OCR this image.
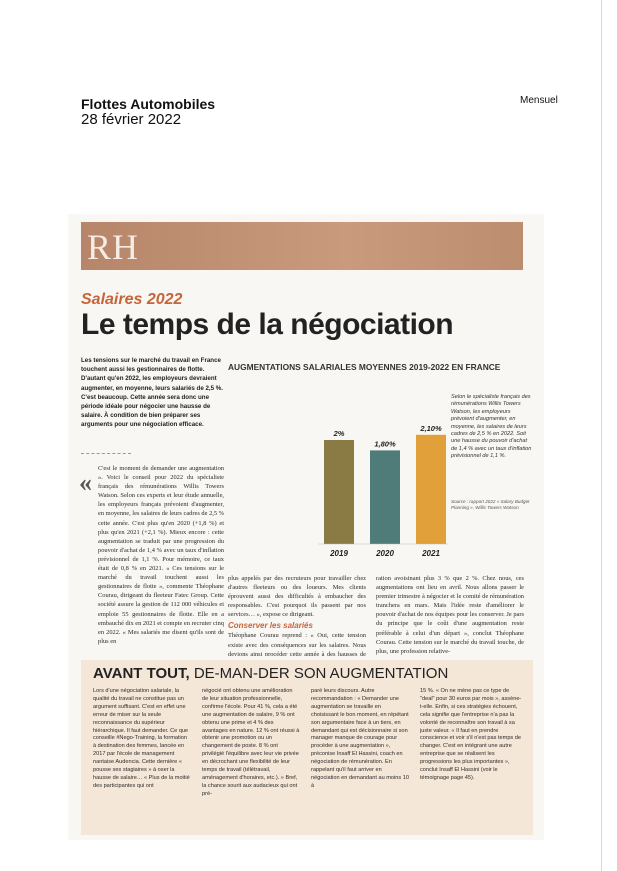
Flottes Automobiles
28 février 2022
Mensuel
RH
Salaires 2022
Le temps de la négociation
Les tensions sur le marché du travail en France touchent aussi les gestionnaires de flotte. D'autant qu'en 2022, les employeurs devraient augmenter, en moyenne, leurs salariés de 2,5 %. C'est beaucoup. Cette année sera donc une période idéale pour négocier une hausse de salaire. À condition de bien préparer ses arguments pour une négociation efficace.
« C'est le moment de demander une augmentation ». Voici le conseil pour 2022 du spécialiste français des rémunérations Willis Towers Watson. Selon ces experts et leur étude annuelle, les employeurs français prévoient d'augmenter, en moyenne, les salaires de leurs cadres de 2,5 % cette année. C'est plus qu'en 2020 (+1,8 %) et plus qu'en 2021 (+2,1 %). Mieux encore : cette augmentation se traduit par une progression du pouvoir d'achat de 1,4 % avec un taux d'inflation prévisionnel de 1,1 %. Pour mémoire, ce taux était de 0,8 % en 2021. « Ces tensions sur le marché du travail touchent aussi les gestionnaires de flotte », commente Théophane Courau, dirigeant du fleeteur Fatec Group. Cette société assure la gestion de 112 000 véhicules et emploie 55 gestionnaires de flotte. Elle en a embauché dix en 2021 et compte en recruter cinq en 2022. « Mes salariés me disent qu'ils sont de plus en

plus appelés par des recruteurs pour travailler chez d'autres fleeteurs ou des loueurs. Mes clients éprouvent aussi des difficultés à embaucher des responsables. C'est pourquoi ils passent par nos services… », expose ce dirigeant.

Conserver les salariés

Théophane Courau reprend : « Oui, cette tension existe avec des conséquences sur les salaires. Nous devions ainsi procéder cette année à des hausses de

ration avoisinant plus 3 % que 2 %. Chez nous, ces augmentations ont lieu en avril. Nous allons passer le premier trimestre à négocier et le comité de rémunération tranchera en mars. Mais l'idée reste d'améliorer le pouvoir d'achat de nos équipes pour les conserver. Je pars du principe que le coût d'une augmentation reste préférable à celui d'un départ », conclut Théophane Courau. Cette tension sur le marché du travail touche, de plus, une profession relative-

AUGMENTATIONS SALARIALES MOYENNES 2019-2022 EN FRANCE
2%
2019
1,80%
2020
2,10%
2021
Selon le spécialiste français des rémunérations Willis Towers Watson, les employeurs prévoient d'augmenter, en moyenne, les salaires de leurs cadres de 2,5 % en 2022. Soit une hausse du pouvoir d'achat de 1,4 % avec un taux d'inflation prévisionnel de 1,1 %.
Source : rapport 2022 « Salary Budget Planning », Willis Towers Watson
AVANT TOUT, DE-MAN-DER SON AUGMENTATION
Lors d'une négociation salariale, la qualité du travail ne constitue pas un argument suffisant. C'est en effet une erreur de miser sur la seule reconnaissance du supérieur hiérarchique. Il faut demander. Ce que conseille #Nego-Training, la formation à destination des femmes, lancée en 2017 par l'école de management nantaise Audencia. Cette dernière « pousse ses stagiaires » à oser la hausse de salaire… « Plus de la moitié des participantes qui ont
négocié ont obtenu une amélioration de leur situation professionnelle, confirme l'école. Pour 41 %, cela a été une augmentation de salaire, 9 % ont obtenu une prime et 4 % des avantages en nature. 12 % ont réussi à obtenir une promotion ou un changement de poste. 8 % ont privilégié l'équilibre avec leur vie privée en décrochant une flexibilité de leur temps de travail (télétravail, aménagement d'horaires, etc.). » Bref, la chance sourit aux audacieux qui ont pré-
paré leurs discours. Autre recommandation : « Demander une augmentation se travaille en choisissant le bon moment, en répétant son argumentaire face à un tiers, en demandant qui est décisionnaire si son manager manque de courage pour procéder à une augmentation », préconise Insaff El Hassini, coach en négociation de rémunération. En rappelant qu'il faut arriver en négociation en demandant au moins 10 à
15 %. « On ne mène pas ce type de "deal" pour 30 euros par mois », assène-t-elle. Enfin, si ces stratégies échouent, cela signifie que l'entreprise n'a pas la volonté de reconnaître son travail à sa juste valeur. « Il faut en prendre conscience et voir s'il n'est pas temps de changer. C'est en intégrant une autre entreprise que se réalisent les progressions les plus importantes », conclut Insaff El Hassini (voir le témoignage page 45).
